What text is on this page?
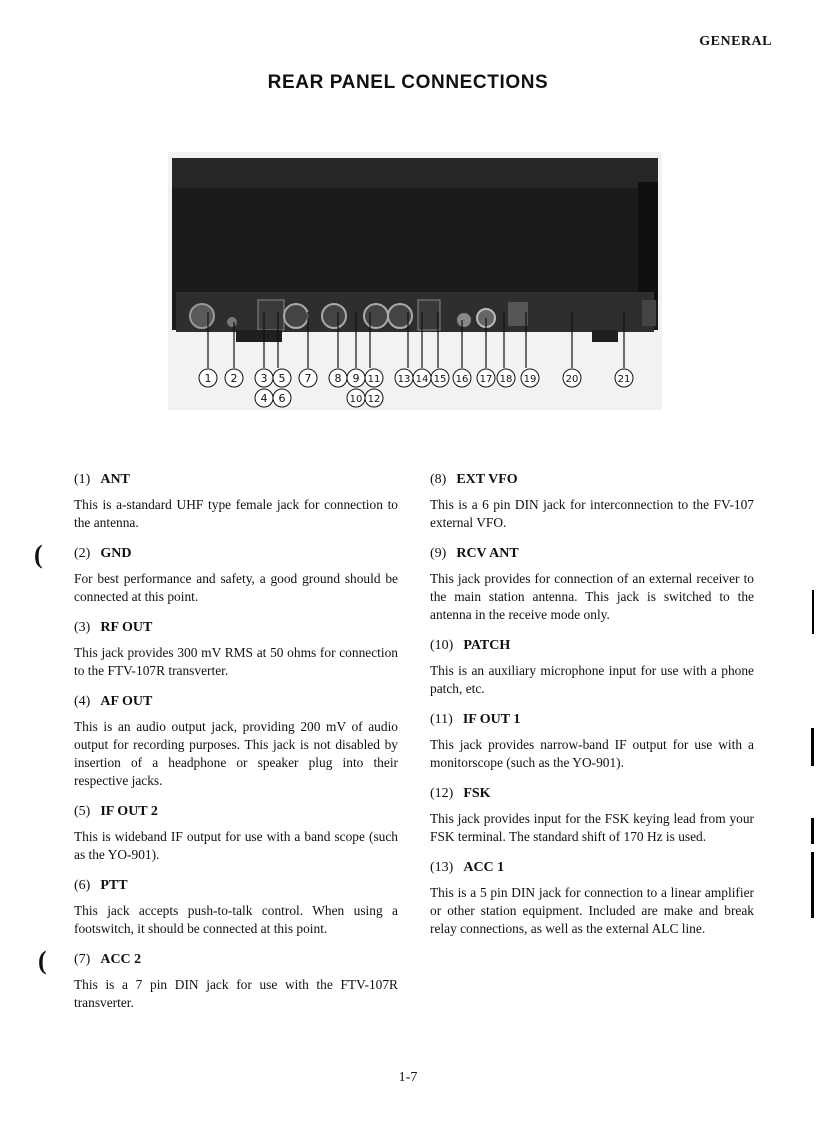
GENERAL
REAR PANEL CONNECTIONS
1 2 3 5 7 8 9 11 13 14 15 16 17 18 19	20	21
4 6	10 12
(1) ANT

This is a-standard UHF type female jack for connection to the antenna.

(2) GND

For best performance and safety, a good ground should be connected at this point.

(3) RF OUT

This jack provides 300 mV RMS at 50 ohms for connection to the FTV-107R transverter.

(4) AF OUT

This is an audio output jack, providing 200 mV of audio output for recording purposes. This jack is not disabled by insertion of a headphone or speaker plug into their respective jacks.

(5) IF OUT 2

This is wideband IF output for use with a band scope (such as the YO-901).

(6) PTT

This jack accepts push-to-talk control. When using a footswitch, it should be connected at this point.

(7) ACC 2

This is a 7 pin DIN jack for use with the FTV-107R transverter.

(8) EXT VFO

This is a 6 pin DIN jack for interconnection to the FV-107 external VFO.

(9) RCV ANT

This jack provides for connection of an external receiver to the main station antenna. This jack is switched to the antenna in the receive mode only.

(10) PATCH

This is an auxiliary microphone input for use with a phone patch, etc.

(11) IF OUT 1

This jack provides narrow-band IF output for use with a monitorscope (such as the YO-901).

(12) FSK

This jack provides input for the FSK keying lead from your FSK terminal. The standard shift of 170 Hz is used.

(13) ACC 1

This is a 5 pin DIN jack for connection to a linear amplifier or other station equipment. Included are make and break relay connections, as well as the external ALC line.

(
(
1-7
